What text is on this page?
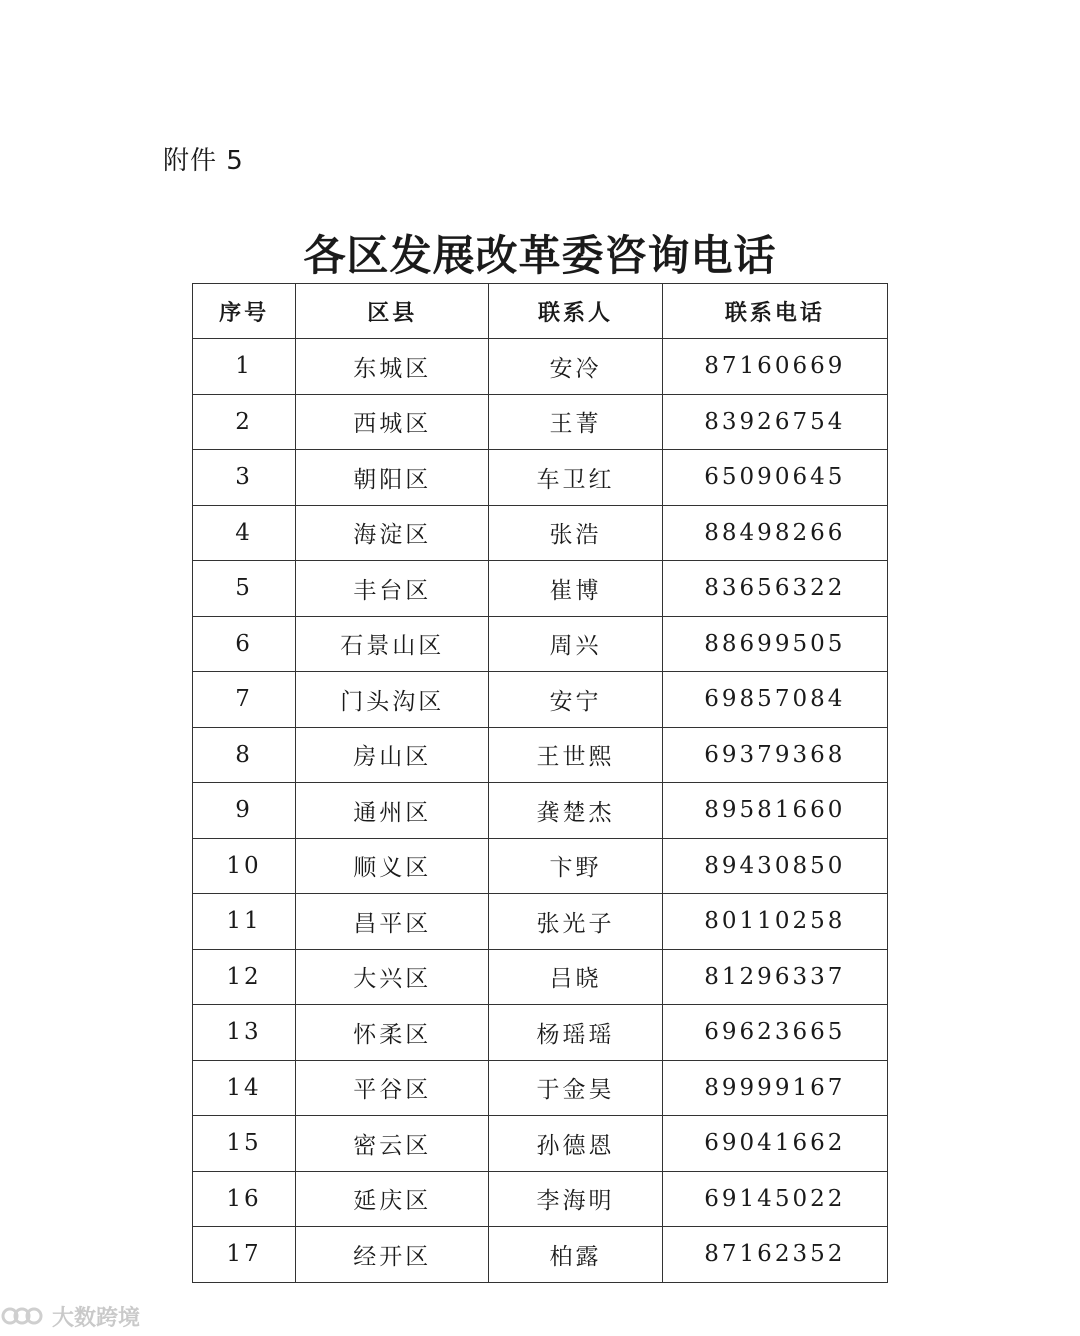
附件 5
各区发展改革委咨询电话
序号	区县	联系人	联系电话
1	东城区	安冷	87160669
2	西城区	王菁	83926754
3	朝阳区	车卫红	65090645
4	海淀区	张浩	88498266
5	丰台区	崔博	83656322
6	石景山区	周兴	88699505
7	门头沟区	安宁	69857084
8	房山区	王世熙	69379368
9	通州区	龚楚杰	89581660
10	顺义区	卞野	89430850
11	昌平区	张光子	80110258
12	大兴区	吕晓	81296337
13	怀柔区	杨瑶瑶	69623665
14	平谷区	于金昊	89999167
15	密云区	孙德恩	69041662
16	延庆区	李海明	69145022
17	经开区	柏露	87162352
大数跨境
